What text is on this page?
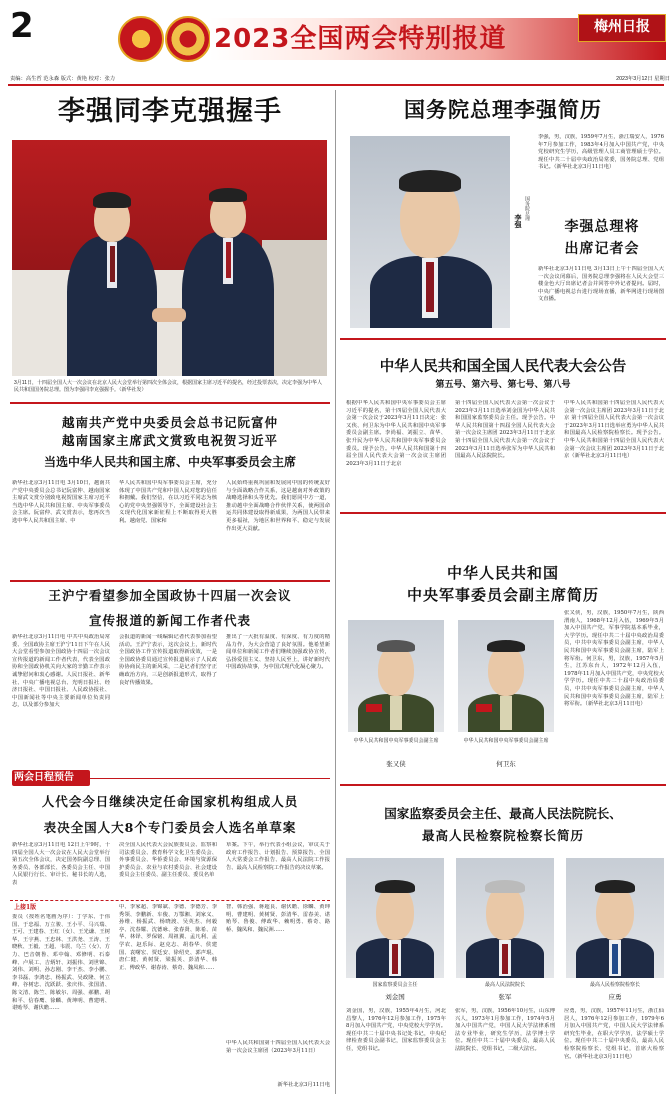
2	2023全国两会特别报道	梅州日报
责编：高生哲 范永森 版式：黄艳 校对：张力	2023年3月12日 星期日
李强同李克强握手
3月11日，十四届全国人大一次会议在北京人民大会堂举行第四次全体会议，根据国家主席习近平的提名，经过投票表决，决定李强为中华人民共和国国务院总理。图为李强同李克强握手。（新华社发）
越南共产党中央委员会总书记阮富仲
越南国家主席武文赏致电祝贺习近平
当选中华人民共和国主席、中央军事委员会主席
新华社北京3月11日电 3月10日，越南共产党中央委员会总书记阮富仲、越南国家主席武文赏分别致电祝贺国家主席习近平当选中华人民共和国主席、中央军事委员会主席。阮富仲、武文赏表示，您再次当选中华人民共和国主席、中
华人民共和国中央军事委员会主席，充分体现了中国共产党和中国人民对您的信任和拥戴。我们坚信，在以习近平同志为核心的党中央坚强领导下，全面建设社会主义现代化国家新征程上不断取得更大胜利。越南党、国家和
人民始终重视巩固和发展同中国的传统友好与全面战略合作关系，这是越南对外政策的战略选择和头等优先。我们愿同中方一道，推动越中全面战略合作伙伴关系，使两国命运共同体建设取得新成果，为两国人民带来更多福祉，为地区和世界和平、稳定与发展作出更大贡献。
王沪宁看望参加全国政协十四届一次会议
宣传报道的新闻工作者代表
新华社北京3月11日电 中共中央政治局常委、全国政协主席王沪宁11日下午在人民大会堂看望参加全国政协十四届一次会议宣传报道的新闻工作者代表，代表全国政协和全国政协机关向大家的辛勤工作表示诚挚慰问和衷心感谢。人民日报社、新华社、中央广播电视总台、光明日报社、经济日报社、中国日报社、人民政协报社、中国新闻社等中央主要新闻单位负责同志，以及部分参加大
会报道的新闻一线编辑记者代表参加看望活动。王沪宁表示，这次会议上，新时代全国政协工作宣传报道取得新成效，一是全国政协委员通过宣传报道展示了人民政协协商民主的新风采，二是记者们坚守正确政治方向，三是创新报道形式，取得了良好传播效果。
推出了一大批有温度、有深度、有力度的精品力作，为大会营造了良好氛围。他希望新闻单位和新闻工作者们继续加强政协宣传，弘扬爱国主义、坚持人民至上，讲好新时代中国政协故事，为中国式现代化凝心聚力。
两会日程预告
人代会今日继续决定任命国家机构组成人员
表决全国人大8个专门委员会人选名单草案
新华社北京3月11日电 12日上午9时，十四届全国人大一次会议在人民大会堂举行第五次全体会议，决定国务院副总理、国务委员、各部部长、各委员会主任、中国人民银行行长、审计长、秘书长的人选，表
决全国人民代表大会民族委员会、监察和司法委员会、教育科学文化卫生委员会、外事委员会、华侨委员会、环境与资源保护委员会、农业与农村委员会、社会建设委员会主任委员、副主任委员、委员名单
草案。下午，举行代表小组会议，审议关于政府工作报告、计划报告、预算报告、全国人大常委会工作报告、最高人民法院工作报告、最高人民检察院工作报告的决议草案。
上接1版
委员（按姓名笔画为序）：丁学东、于伟国、于忠福、万立骏、王小平、马兴瑞、王可、王建春、王红（女）、王光谦、王树华、王宇燕、王忠林、王洪尧、王涛、王晓秋、王毅、王超、韦震、乌兰（女）、方力、巴音朝鲁、邓中翰、邓修明、石泰峰、卢展工、吉炳轩、刘振伟、刘世锦、刘伟、刘明、孙志刚、李干杰、李小鹏、李书磊、李鸿忠、杨振武、吴政隆、何立峰、谷树忠、沈跃跃、张庆伟、张国清、陈文清、陈竺、陈敏尔、周强、郝鹏、胡和平、信春鹰、徐麟、黄坤明、曹建明、谌贻琴、谢伏瞻……
中、李家超、李锦斌、李德、李德芳、李秀领、李鹏新、车俊、万鄂湘、刘家义、孙维、杨振武、杨晓渡、吴英杰、何毅亭、沈春耀、沈德咏、张春贤、陈希、苗华、林铎、罗保铭、周祖翼、孟凡利、孟学农、赵乐际、赵克志、胡春华、侯建国、袁曙宏、贾廷安、徐绍史、郭声琨、唐仁健、黄树贤、梁振英、彭清华、韩正、傅政华、谢春涛、蔡奇、魏凤和……
智、韩治强、蒋超良、谢伏瞻、徐麟、黄坤明、曹建明、黄树贤、彭清华、雷春美、谌贻琴、鲁俊、傅政华、赖明勇、蔡奇、路桥、魏凤和、魏民洲……
中华人民共和国第十四届全国人民代表大会第一次会议主席团（2023年3月11日）
新华社北京3月11日电
国务院总理李强简历
李强 国务院总理
李强，男，汉族，1959年7月生，浙江瑞安人，1976年7月参加工作，1983年4月加入中国共产党，中央党校研究生学历，高级管理人员工商管理硕士学位。现任中共二十届中央政治局常委，国务院总理、党组书记。（新华社北京3月11日电）
李强总理将
出席记者会
新华社北京3月11日电 3月13日上午十四届全国人大一次会议闭幕后，国务院总理李强将在人民大会堂三楼金色大厅出席记者会并回答中外记者提问。届时，中央广播电视总台进行现场直播，新华网进行现场图文直播。
中华人民共和国全国人民代表大会公告
第五号、第六号、第七号、第八号
根据中华人民共和国中央军事委员会主席习近平的提名，第十四届全国人民代表大会第一次会议于2023年3月11日决定：张又侠、何卫东为中华人民共和国中央军事委员会副主席。李尚福、刘振立、苗华、张升民为中华人民共和国中央军事委员会委员。现予公告。中华人民共和国第十四届全国人民代表大会第一次会议主席团 2023年3月11日于北京
第十四届全国人民代表大会第一次会议于2023年3月11日选举刘金国为中华人民共和国国家监察委员会主任。现予公告。中华人民共和国第十四届全国人民代表大会第一次会议主席团 2023年3月11日于北京 第十四届全国人民代表大会第一次会议于2023年3月11日选举张军为中华人民共和国最高人民法院院长。
中华人民共和国第十四届全国人民代表大会第一次会议主席团 2023年3月11日于北京 第十四届全国人民代表大会第一次会议于2023年3月11日选举应勇为中华人民共和国最高人民检察院检察长。现予公告。中华人民共和国第十四届全国人民代表大会第一次会议主席团 2023年3月11日于北京（新华社北京3月11日电）
中华人民共和国
中央军事委员会副主席简历
中华人民共和国中央军事委员会副主席
张又侠
中华人民共和国中央军事委员会副主席
何卫东
张又侠，男，汉族，1950年7月生，陕西渭南人，1968年12月入伍，1969年5月加入中国共产党，军事学院基本系毕业，大学学历。现任中共二十届中央政治局委员，中共中央军事委员会副主席，中华人民共和国中央军事委员会副主席，陆军上将军衔。何卫东，男，汉族，1957年5月生，江苏东台人，1972年12月入伍，1978年11月加入中国共产党，中央党校大学学历。现任中共二十届中央政治局委员，中共中央军事委员会副主席，中华人民共和国中央军事委员会副主席，陆军上将军衔。（新华社北京3月11日电）
国家监察委员会主任、最高人民法院院长、
最高人民检察院检察长简历
国家监察委员会主任
刘金国
最高人民法院院长
张军
最高人民检察院检察长
应勇
刘金国，男，汉族，1955年4月生，河北昌黎人，1976年12月参加工作，1975年8月加入中国共产党，中央党校大学学历。现任中共二十届中央书记处书记，中央纪律检查委员会副书记，国家监察委员会主任，党组书记。
张军，男，汉族，1956年10月生，山东博兴人，1973年1月参加工作，1974年5月加入中国共产党，中国人民大学法律系刑法专业毕业，研究生学历，法学博士学位。现任中共二十届中央委员，最高人民法院院长、党组书记，二级大法官。
应勇，男，汉族，1957年11月生，浙江仙居人，1976年12月参加工作，1979年6月加入中国共产党，中国人民大学法律系研究生毕业，在职大学学历，法学硕士学位。现任中共二十届中央委员，最高人民检察院检察长、党组书记，首席大检察官。（新华社北京3月11日电）
